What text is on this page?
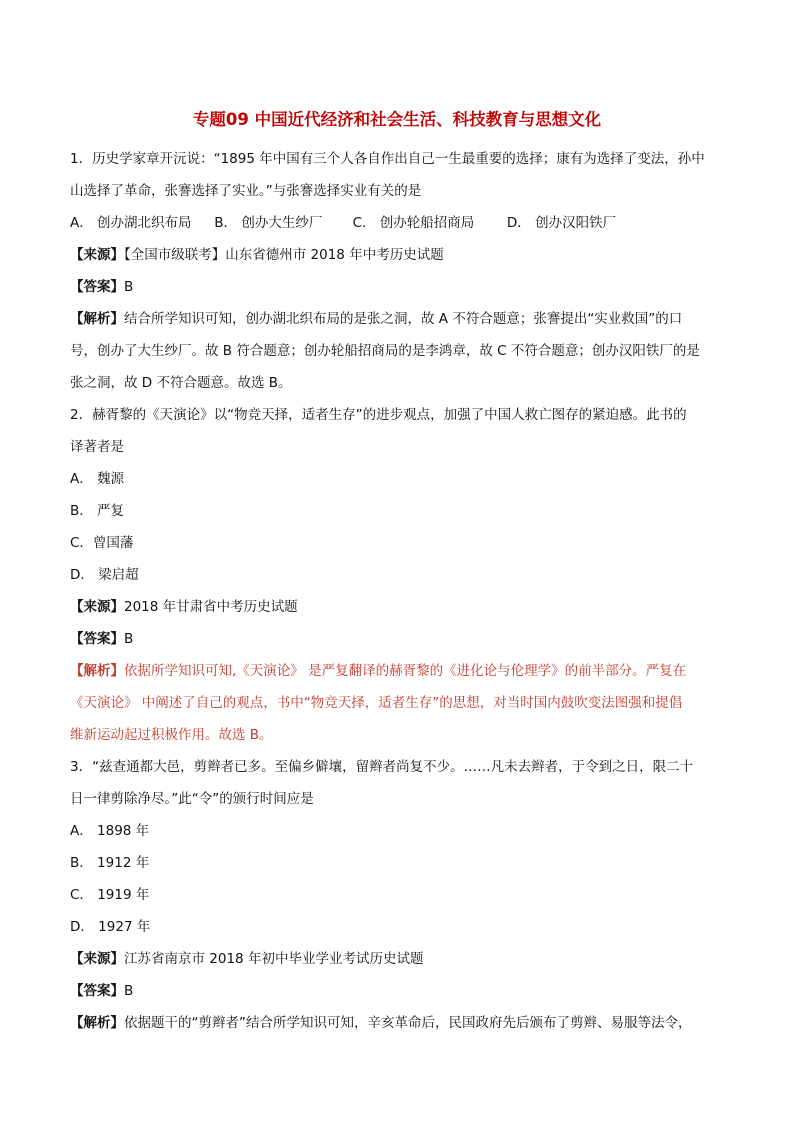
专题09 中国近代经济和社会生活、科技教育与思想文化
1．历史学家章开沅说：“1895 年中国有三个人各自作出自己一生最重要的选择；康有为选择了变法，孙中
山选择了革命，张謇选择了实业。”与张謇选择实业有关的是
A． 创办湖北织布局 B． 创办大生纱厂 C． 创办轮船招商局 D． 创办汉阳铁厂
【来源】【全国市级联考】山东省德州市 2018 年中考历史试题
【答案】B
【解析】结合所学知识可知，创办湖北织布局的是张之洞，故 A 不符合题意；张謇提出“实业救国”的口
号，创办了大生纱厂。故 B 符合题意；创办轮船招商局的是李鸿章，故 C 不符合题意；创办汉阳铁厂的是
张之洞，故 D 不符合题意。故选 B。
2．赫胥黎的《天演论》以“物竞天择，适者生存”的进步观点，加强了中国人救亡图存的紧迫感。此书的
译著者是
A． 魏源
B． 严复
C．曾国藩
D． 梁启超
【来源】2018 年甘肃省中考历史试题
【答案】B
【解析】依据所学知识可知,《天演论》 是严复翻译的赫胥黎的《进化论与伦理学》的前半部分。严复在
《天演论》 中阐述了自己的观点，书中“物竞天择，适者生存”的思想，对当时国内鼓吹变法图强和提倡
维新运动起过积极作用。故选 B。
3．“兹查通都大邑，剪辫者已多。至偏乡僻壤，留辫者尚复不少。……凡未去辫者，于令到之日，限二十
日一律剪除净尽。”此“令”的颁行时间应是
A． 1898 年
B． 1912 年
C． 1919 年
D． 1927 年
【来源】江苏省南京市 2018 年初中毕业学业考试历史试题
【答案】B
【解析】依据题干的“剪辫者”结合所学知识可知，辛亥革命后，民国政府先后颁布了剪辫、易服等法令，
